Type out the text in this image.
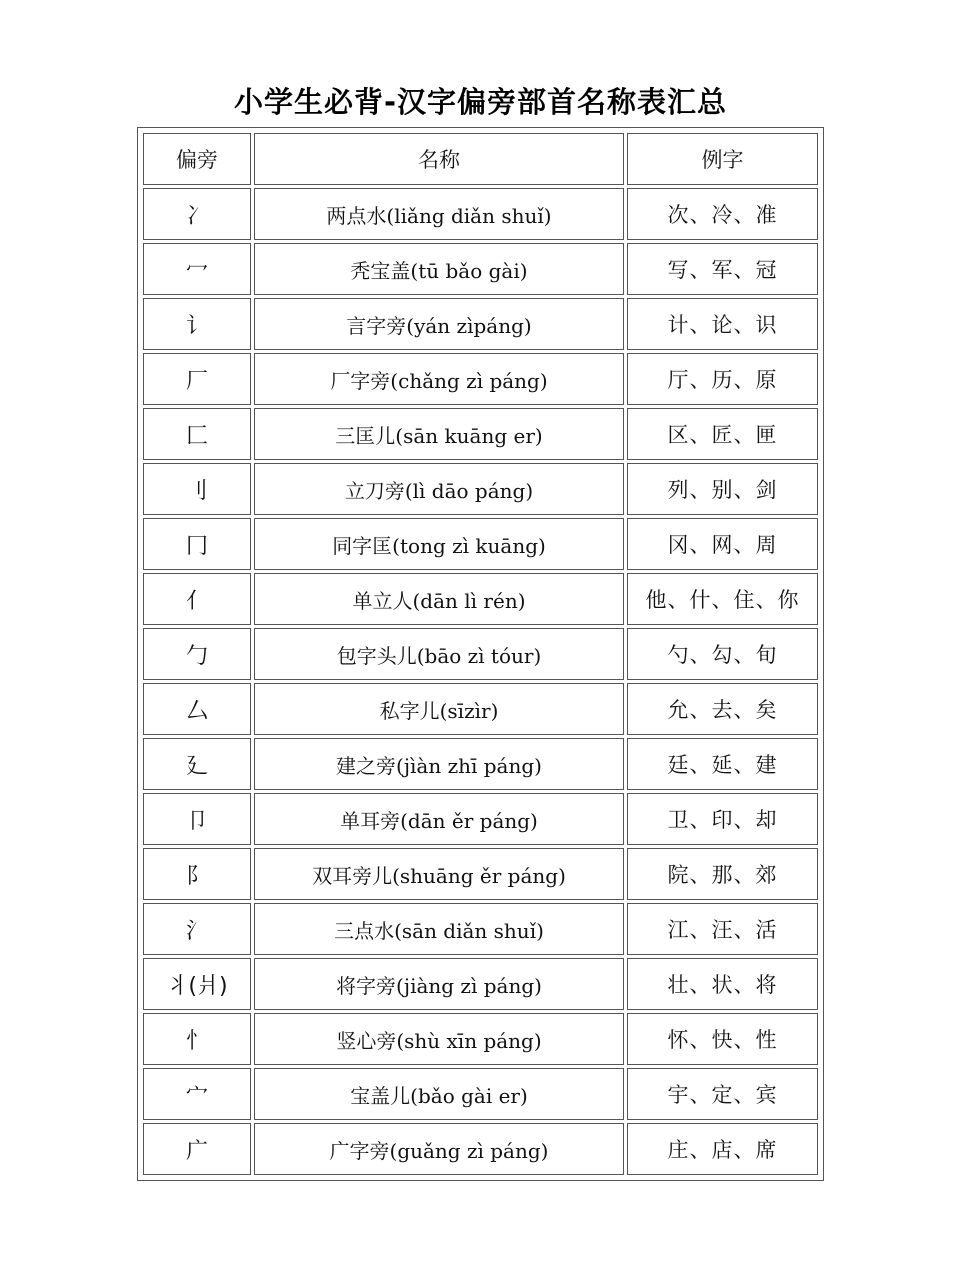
小学生必背-汉字偏旁部首名称表汇总
偏旁	名称	例字
冫	两点水(liǎng diǎn shuǐ)	次、冷、准
冖	秃宝盖(tū bǎo gài)	写、军、冠
讠	言字旁(yán zìpáng)	计、论、识
厂	厂字旁(chǎng zì páng)	厅、历、原
匚	三匡儿(sān kuāng er)	区、匠、匣
刂	立刀旁(lì dāo páng)	列、别、剑
冂	同字匡(tong zì kuāng)	冈、网、周
亻	单立人(dān lì rén)	他、什、住、你
勹	包字头儿(bāo zì tóur)	勺、勾、旬
厶	私字儿(sīzìr)	允、去、矣
廴	建之旁(jìàn zhī páng)	廷、延、建
卩	单耳旁(dān ěr páng)	卫、印、却
阝	双耳旁儿(shuāng ěr páng)	院、那、郊
氵	三点水(sān diǎn shuǐ)	江、汪、活
丬(爿)	将字旁(jiàng zì páng)	壮、状、将
忄	竖心旁(shù xīn páng)	怀、快、性
宀	宝盖儿(bǎo gài er)	宇、定、宾
广	广字旁(guǎng zì páng)	庄、店、席
